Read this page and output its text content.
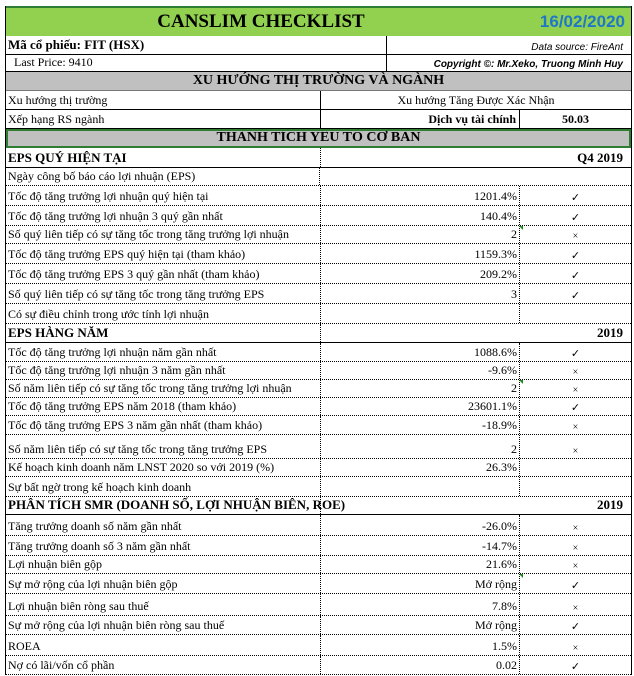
CANSLIM CHECKLIST	16/02/2020
Mã cổ phiếu: FIT (HSX)	Data source: FireAnt
Last Price: 9410	Copyright ©: Mr.Xeko, Truong Minh Huy
XU HƯỚNG THỊ TRƯỜNG VÀ NGÀNH
Xu hướng thị trường	Xu hướng Tăng Được Xác Nhận
Xếp hạng RS ngành	Dịch vụ tài chính	50.03
THÀNH TÍCH YẾU TỐ CƠ BẢN
EPS QUÝ HIỆN TẠI	Q4 2019
Ngày công bố báo cáo lợi nhuận (EPS)
Tốc độ tăng trưởng lợi nhuận quý hiện tại	1201.4%	✓
Tốc độ tăng trưởng lợi nhuận 3 quý gần nhất	140.4%	✓
Số quý liên tiếp có sự tăng tốc trong tăng trưởng lợi nhuận	2	×
Tốc độ tăng trưởng EPS quý hiện tại (tham khảo)	1159.3%	✓
Tốc độ tăng trưởng EPS 3 quý gần nhất (tham khảo)	209.2%	✓
Số quý liên tiếp có sự tăng tốc trong tăng trưởng EPS	3	✓
Có sự điều chỉnh trong ước tính lợi nhuận
EPS HÀNG NĂM	2019
Tốc độ tăng trưởng lợi nhuận năm gần nhất	1088.6%	✓
Tốc độ tăng trưởng lợi nhuận 3 năm gần nhất	-9.6%	×
Số năm liên tiếp có sự tăng tốc trong tăng trưởng lợi nhuận	2	×
Tốc độ tăng trưởng EPS năm 2018 (tham khảo)	23601.1%	✓
Tốc độ tăng trưởng EPS 3 năm gần nhất (tham khảo)	-18.9%	×
Số năm liên tiếp có sự tăng tốc trong tăng trưởng EPS	2	×
Kế hoạch kinh doanh năm LNST 2020 so với 2019 (%)	26.3%
Sự bất ngờ trong kế hoạch kinh doanh
PHÂN TÍCH SMR (DOANH SỐ, LỢI NHUẬN BIÊN, ROE)	2019
Tăng trưởng doanh số năm gần nhất	-26.0%	×
Tăng trưởng doanh số 3 năm gần nhất	-14.7%	×
Lợi nhuận biên gộp	21.6%	×
Sự mở rộng của lợi nhuận biên gộp	Mở rộng	✓
Lợi nhuận biên ròng sau thuế	7.8%	×
Sự mở rộng của lợi nhuận biên ròng sau thuế	Mở rộng	✓
ROEA	1.5%	×
Nợ có lãi/vốn cổ phần	0.02	✓
